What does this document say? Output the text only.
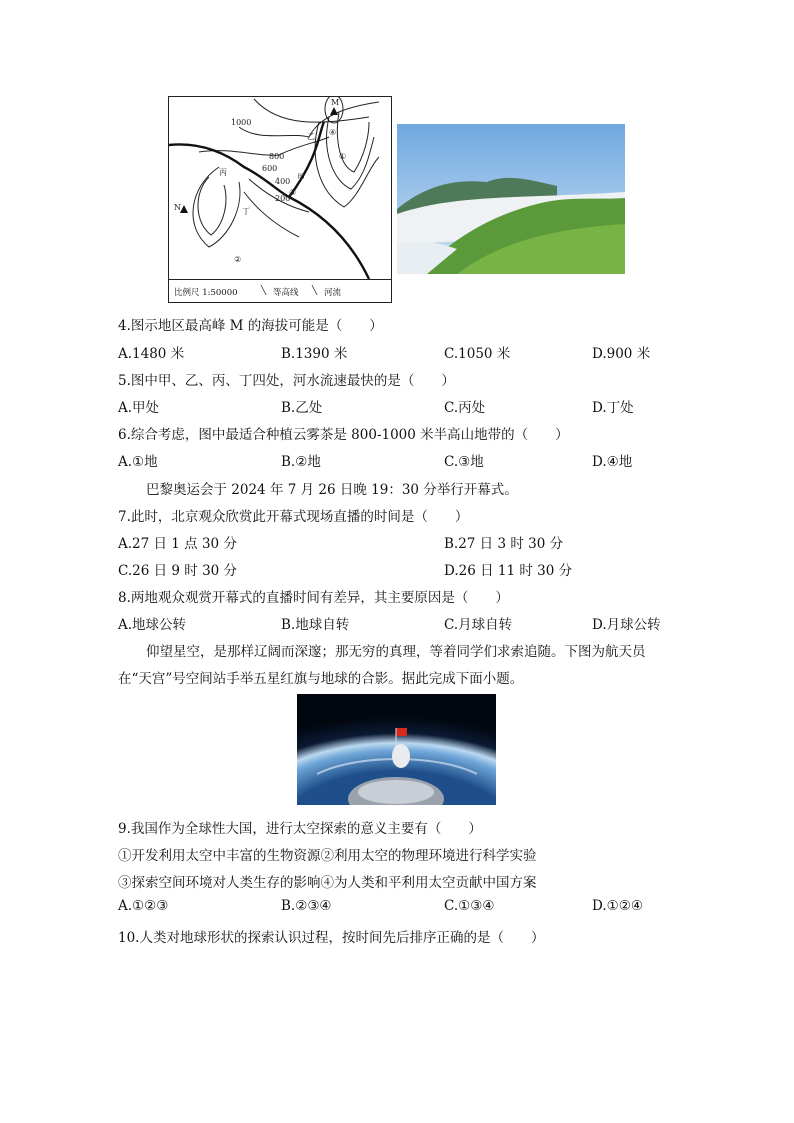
1000
800
600
400
200
M
N
乙
甲
丙
丁
①
②
③
④
比例尺 1:50000	╲ 等高线 ╲ 河流
4.图示地区最高峰 M 的海拔可能是（　　）
A.1480 米	B.1390 米	C.1050 米	D.900 米
5.图中甲、乙、丙、丁四处，河水流速最快的是（　　）
A.甲处	B.乙处	C.丙处	D.丁处
6.综合考虑，图中最适合种植云雾茶是 800-1000 米半高山地带的（　　）
A.①地	B.②地	C.③地	D.④地
巴黎奥运会于 2024 年 7 月 26 日晚 19：30 分举行开幕式。
7.此时，北京观众欣赏此开幕式现场直播的时间是（　　）
A.27 日 1 点 30 分	B.27 日 3 时 30 分
C.26 日 9 时 30 分	D.26 日 11 时 30 分
8.两地观众观赏开幕式的直播时间有差异，其主要原因是（　　）
A.地球公转	B.地球自转	C.月球自转	D.月球公转
仰望星空，是那样辽阔而深邃；那无穷的真理，等着同学们求索追随。下图为航天员
在“天宫”号空间站手举五星红旗与地球的合影。据此完成下面小题。
9.我国作为全球性大国，进行太空探索的意义主要有（　　）
①开发利用太空中丰富的生物资源②利用太空的物理环境进行科学实验
③探索空间环境对人类生存的影响④为人类和平利用太空贡献中国方案
A.①②③	B.②③④	C.①③④	D.①②④
10.人类对地球形状的探索认识过程，按时间先后排序正确的是（　　）
